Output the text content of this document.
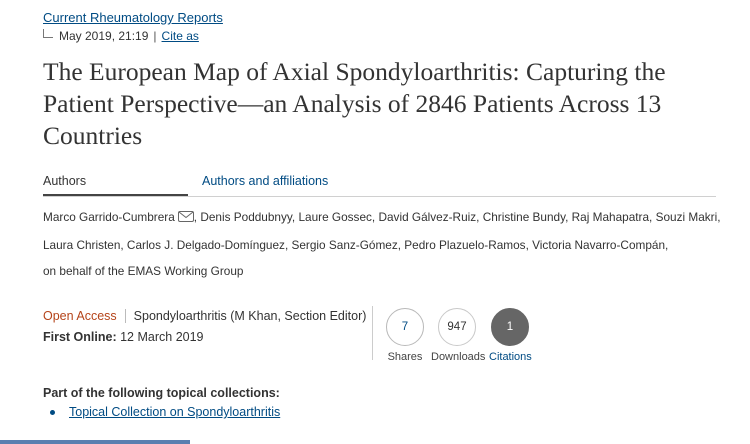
Current Rheumatology Reports
May 2019, 21:19 | Cite as
The European Map of Axial Spondyloarthritis: Capturing the Patient Perspective—an Analysis of 2846 Patients Across 13 Countries
Authors	Authors and affiliations
Marco Garrido-Cumbrera , Denis Poddubnyy, Laure Gossec, David Gálvez-Ruiz, Christine Bundy, Raj Mahapatra, Souzi Makri,
Laura Christen, Carlos J. Delgado-Domínguez, Sergio Sanz-Gómez, Pedro Plazuelo-Ramos, Victoria Navarro-Compán,
on behalf of the EMAS Working Group
Open Access Spondyloarthritis (M Khan, Section Editor)
First Online: 12 March 2019
7
Shares
947
Downloads
1
Citations
Part of the following topical collections:
Topical Collection on Spondyloarthritis
